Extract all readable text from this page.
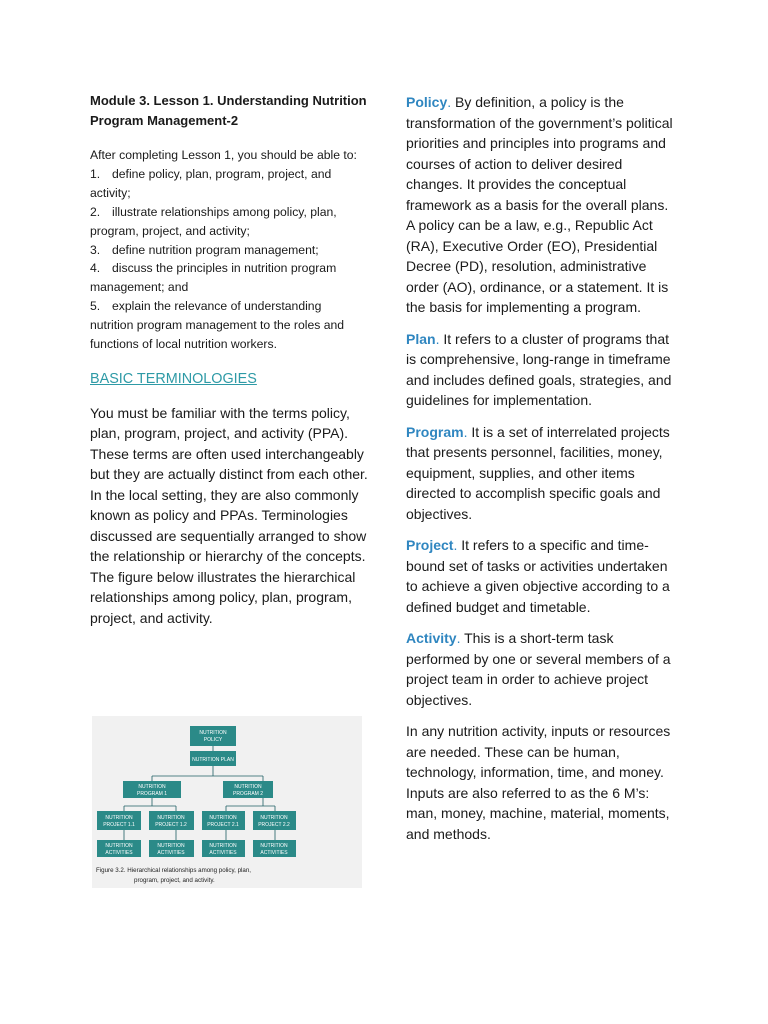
Module 3. Lesson 1. Understanding Nutrition Program Management-2

After completing Lesson 1, you should be able to:

1. define policy, plan, program, project, and activity;

2. illustrate relationships among policy, plan, program, project, and activity;

3. define nutrition program management;

4. discuss the principles in nutrition program management; and

5. explain the relevance of understanding nutrition program management to the roles and functions of local nutrition workers.

BASIC TERMINOLOGIES

You must be familiar with the terms policy, plan, program, project, and activity (PPA). These terms are often used interchangeably but they are actually distinct from each other. In the local setting, they are also commonly known as policy and PPAs. Terminologies discussed are sequentially arranged to show the relationship or hierarchy of the concepts. The figure below illustrates the hierarchical relationships among policy, plan, program, project, and activity.

NUTRITION
POLICY
NUTRITION PLAN
NUTRITION
PROGRAM 1
NUTRITION
PROGRAM 2
NUTRITION
PROJECT 1.1
NUTRITION
PROJECT 1.2
NUTRITION
PROJECT 2.1
NUTRITION
PROJECT 2.2
NUTRITION
ACTIVITIES
NUTRITION
ACTIVITIES
NUTRITION
ACTIVITIES
NUTRITION
ACTIVITIES
Figure 3.2. Hierarchical relationships among policy, plan,
program, project, and activity.

Policy. By definition, a policy is the transformation of the government’s political priorities and principles into programs and courses of action to deliver desired changes. It provides the conceptual framework as a basis for the overall plans. A policy can be a law, e.g., Republic Act (RA), Executive Order (EO), Presidential Decree (PD), resolution, administrative order (AO), ordinance, or a statement. It is the basis for implementing a program.

Plan. It refers to a cluster of programs that is comprehensive, long-range in timeframe and includes defined goals, strategies, and guidelines for implementation.

Program. It is a set of interrelated projects that presents personnel, facilities, money, equipment, supplies, and other items directed to accomplish specific goals and objectives.

Project. It refers to a specific and time-bound set of tasks or activities undertaken to achieve a given objective according to a defined budget and timetable.

Activity. This is a short-term task performed by one or several members of a project team in order to achieve project objectives.

In any nutrition activity, inputs or resources are needed. These can be human, technology, information, time, and money. Inputs are also referred to as the 6 M’s: man, money, machine, material, moments, and methods.
